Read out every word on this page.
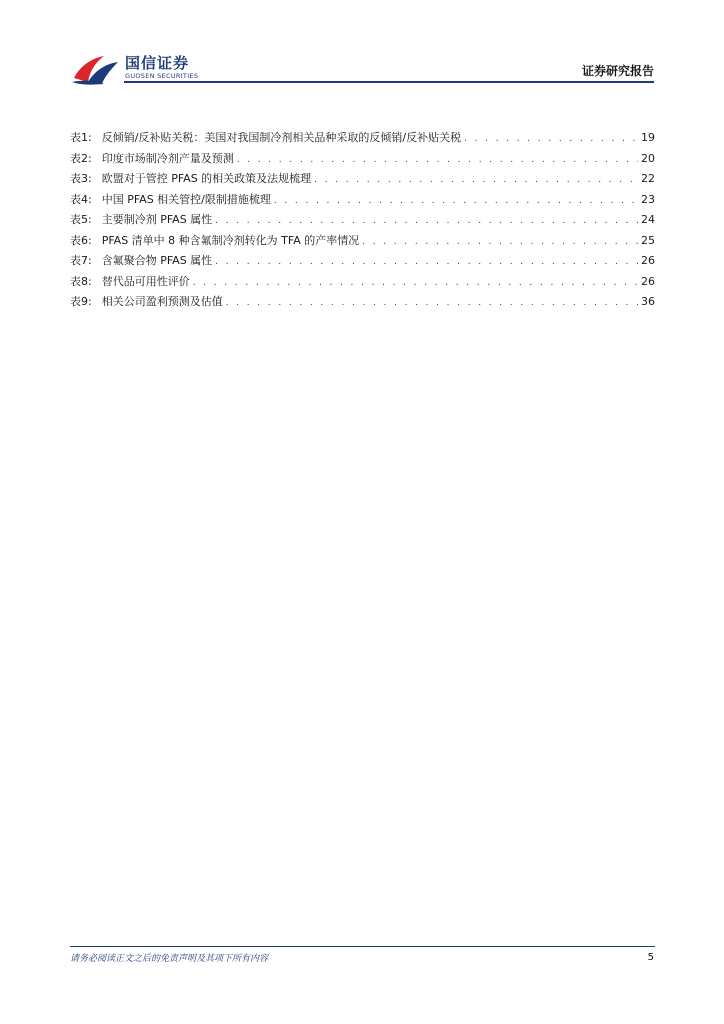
国信证券
GUOSEN SECURITIES	证券研究报告
表1: 反倾销/反补贴关税：美国对我国制冷剂相关品种采取的反倾销/反补贴关税 . . .	19
表2: 印度市场制冷剂产量及预测 . . .	20
表3: 欧盟对于管控 PFAS 的相关政策及法规梳理 . . .	22
表4: 中国 PFAS 相关管控/限制措施梳理 . . .	23
表5: 主要制冷剂 PFAS 属性 . . .	24
表6: PFAS 清单中 8 种含氟制冷剂转化为 TFA 的产率情况 . . .	25
表7: 含氟聚合物 PFAS 属性 . . .	26
表8: 替代品可用性评价 . . .	26
表9: 相关公司盈利预测及估值 . . .	36
请务必阅读正文之后的免责声明及其项下所有内容	5
